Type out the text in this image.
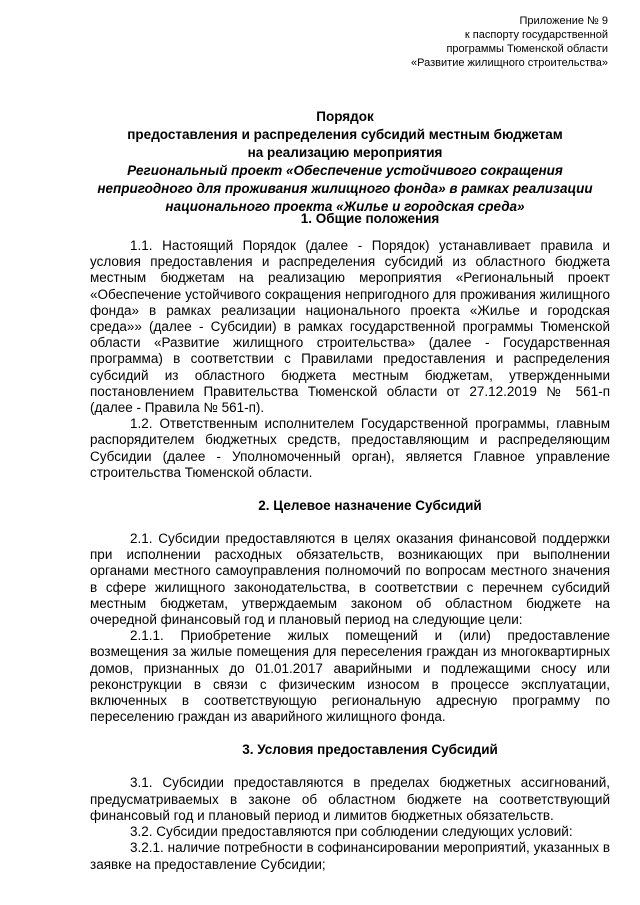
Приложение № 9
к паспорту государственной
программы Тюменской области
«Развитие жилищного строительства»
Порядок
предоставления и распределения субсидий местным бюджетам
на реализацию мероприятия
Региональный проект «Обеспечение устойчивого сокращения непригодного для проживания жилищного фонда» в рамках реализации национального проекта «Жилье и городская среда»
1. Общие положения

1.1. Настоящий Порядок (далее - Порядок) устанавливает правила и условия предоставления и распределения субсидий из областного бюджета местным бюджетам на реализацию мероприятия «Региональный проект «Обеспечение устойчивого сокращения непригодного для проживания жилищного фонда» в рамках реализации национального проекта «Жилье и городская среда»» (далее - Субсидии) в рамках государственной программы Тюменской области «Развитие жилищного строительства» (далее - Государственная программа) в соответствии с Правилами предоставления и распределения субсидий из областного бюджета местным бюджетам, утвержденными постановлением Правительства Тюменской области от 27.12.2019 № 561-п (далее - Правила № 561-п).

1.2. Ответственным исполнителем Государственной программы, главным распорядителем бюджетных средств, предоставляющим и распределяющим Субсидии (далее - Уполномоченный орган), является Главное управление строительства Тюменской области.

2. Целевое назначение Субсидий

2.1. Субсидии предоставляются в целях оказания финансовой поддержки при исполнении расходных обязательств, возникающих при выполнении органами местного самоуправления полномочий по вопросам местного значения в сфере жилищного законодательства, в соответствии с перечнем субсидий местным бюджетам, утверждаемым законом об областном бюджете на очередной финансовый год и плановый период на следующие цели:

2.1.1. Приобретение жилых помещений и (или) предоставление возмещения за жилые помещения для переселения граждан из многоквартирных домов, признанных до 01.01.2017 аварийными и подлежащими сносу или реконструкции в связи с физическим износом в процессе эксплуатации, включенных в соответствующую региональную адресную программу по переселению граждан из аварийного жилищного фонда.

3. Условия предоставления Субсидий

3.1. Субсидии предоставляются в пределах бюджетных ассигнований, предусматриваемых в законе об областном бюджете на соответствующий финансовый год и плановый период и лимитов бюджетных обязательств.

3.2. Субсидии предоставляются при соблюдении следующих условий:

3.2.1. наличие потребности в софинансировании мероприятий, указанных в заявке на предоставление Субсидии;
